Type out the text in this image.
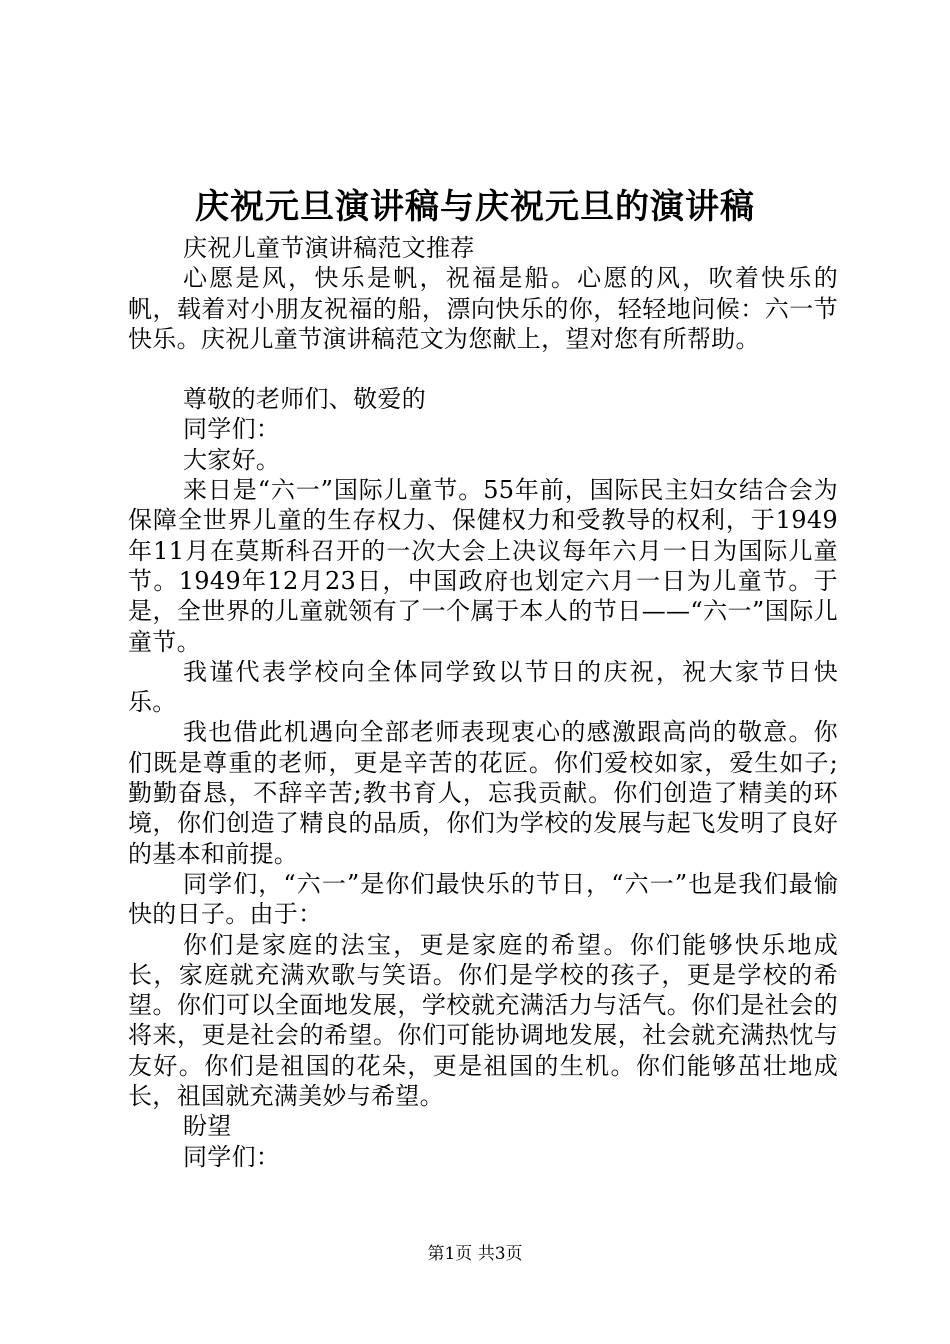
庆祝元旦演讲稿与庆祝元旦的演讲稿

庆祝儿童节演讲稿范文推荐

心愿是风，快乐是帆，祝福是船。心愿的风，吹着快乐的帆，载着对小朋友祝福的船，漂向快乐的你，轻轻地问候：六一节快乐。庆祝儿童节演讲稿范文为您献上，望对您有所帮助。

尊敬的老师们、敬爱的

同学们：

大家好。

来日是“六一”国际儿童节。55年前，国际民主妇女结合会为保障全世界儿童的生存权力、保健权力和受教导的权利，于1949年11月在莫斯科召开的一次大会上决议每年六月一日为国际儿童节。1949年12月23日，中国政府也划定六月一日为儿童节。于是，全世界的儿童就领有了一个属于本人的节日——“六一”国际儿童节。

我谨代表学校向全体同学致以节日的庆祝，祝大家节日快乐。

我也借此机遇向全部老师表现衷心的感激跟高尚的敬意。你们既是尊重的老师，更是辛苦的花匠。你们爱校如家，爱生如子;勤勤奋恳，不辞辛苦;教书育人，忘我贡献。你们创造了精美的环境，你们创造了精良的品质，你们为学校的发展与起飞发明了良好的基本和前提。

同学们，“六一”是你们最快乐的节日，“六一”也是我们最愉快的日子。由于：

你们是家庭的法宝，更是家庭的希望。你们能够快乐地成长，家庭就充满欢歌与笑语。你们是学校的孩子，更是学校的希望。你们可以全面地发展，学校就充满活力与活气。你们是社会的将来，更是社会的希望。你们可能协调地发展，社会就充满热忱与友好。你们是祖国的花朵，更是祖国的生机。你们能够茁壮地成长，祖国就充满美妙与希望。

盼望

同学们：

第1页 共3页
